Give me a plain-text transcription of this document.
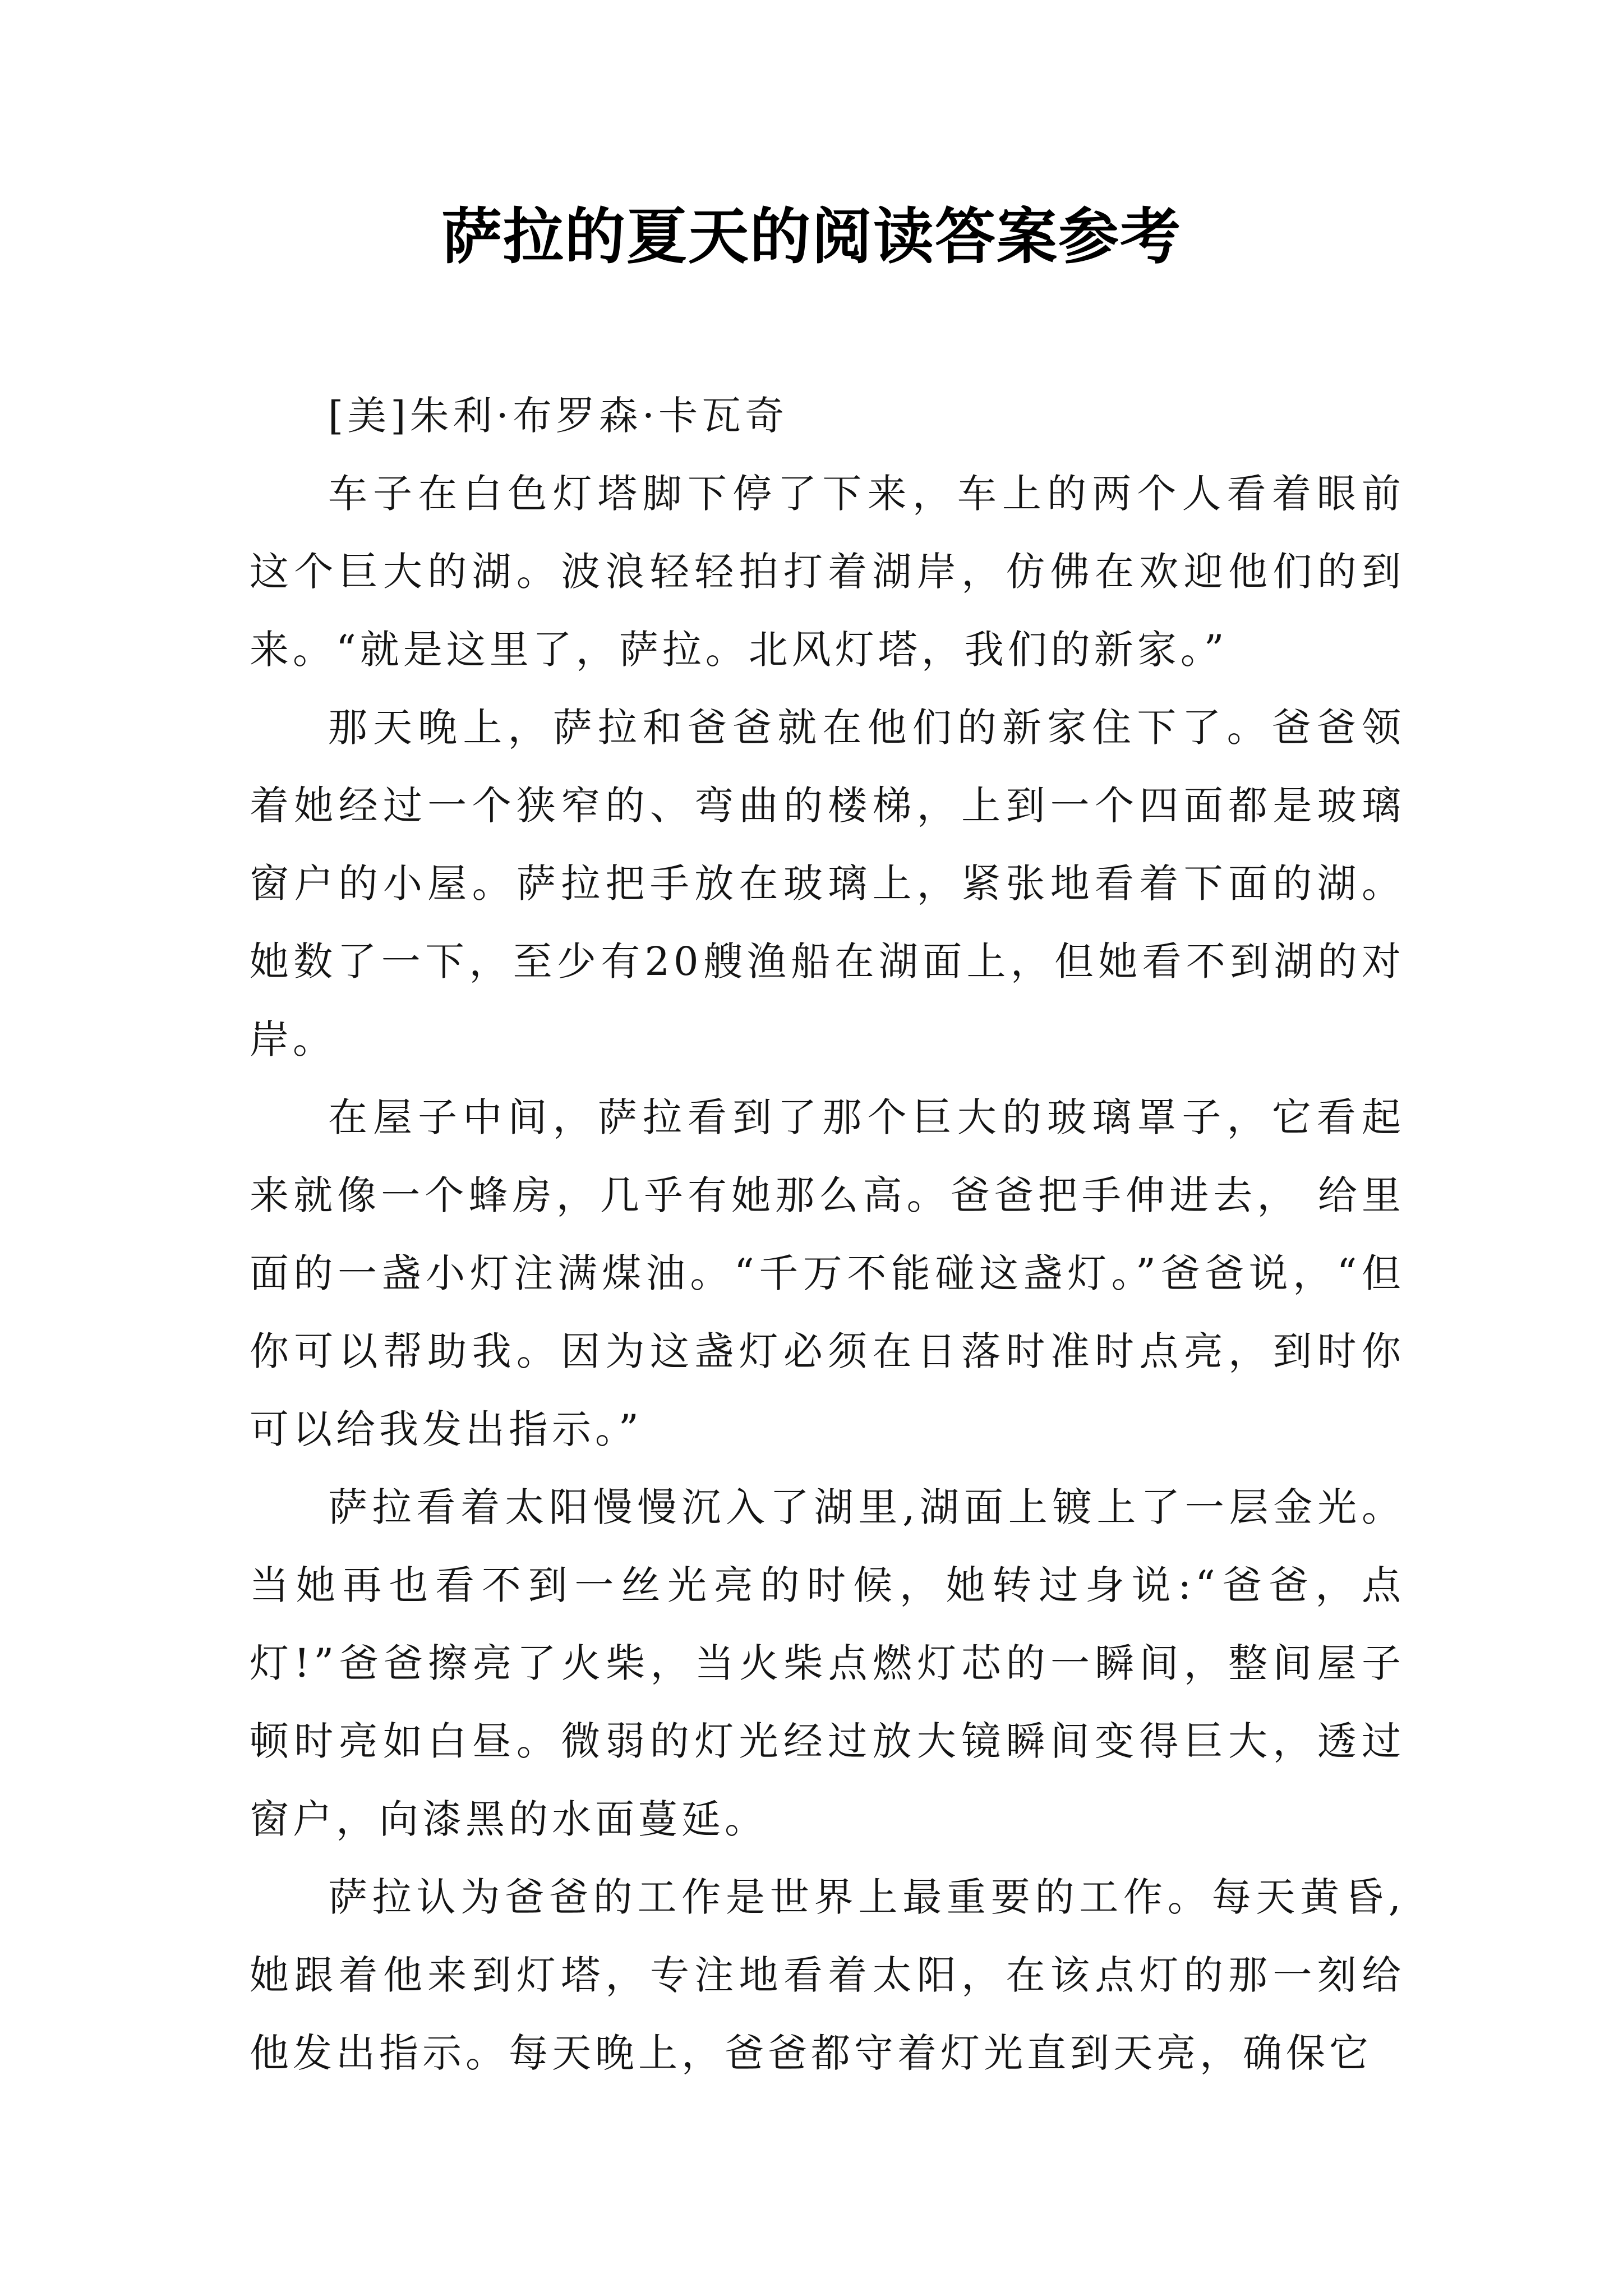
萨拉的夏天的阅读答案参考

[美]朱利·布罗森·卡瓦奇

车子在白色灯塔脚下停了下来，车上的两个人看着眼前这个巨大的湖。波浪轻轻拍打着湖岸，仿佛在欢迎他们的到来。“就是这里了，萨拉。北风灯塔，我们的新家。”

那天晚上，萨拉和爸爸就在他们的新家住下了。爸爸领着她经过一个狭窄的、弯曲的楼梯，上到一个四面都是玻璃窗户的小屋。萨拉把手放在玻璃上，紧张地看着下面的湖。她数了一下，至少有20艘渔船在湖面上，但她看不到湖的对岸。

在屋子中间，萨拉看到了那个巨大的玻璃罩子，它看起来就像一个蜂房，几乎有她那么高。爸爸把手伸进去， 给里面的一盏小灯注满煤油。“千万不能碰这盏灯。”爸爸说，“但你可以帮助我。因为这盏灯必须在日落时准时点亮，到时你可以给我发出指示。”

萨拉看着太阳慢慢沉入了湖里,湖面上镀上了一层金光。当她再也看不到一丝光亮的时候，她转过身说:“爸爸，点灯!”爸爸擦亮了火柴，当火柴点燃灯芯的一瞬间，整间屋子顿时亮如白昼。微弱的灯光经过放大镜瞬间变得巨大，透过窗户，向漆黑的水面蔓延。

萨拉认为爸爸的工作是世界上最重要的工作。每天黄昏,她跟着他来到灯塔，专注地看着太阳，在该点灯的那一刻给他发出指示。每天晚上，爸爸都守着灯光直到天亮，确保它
